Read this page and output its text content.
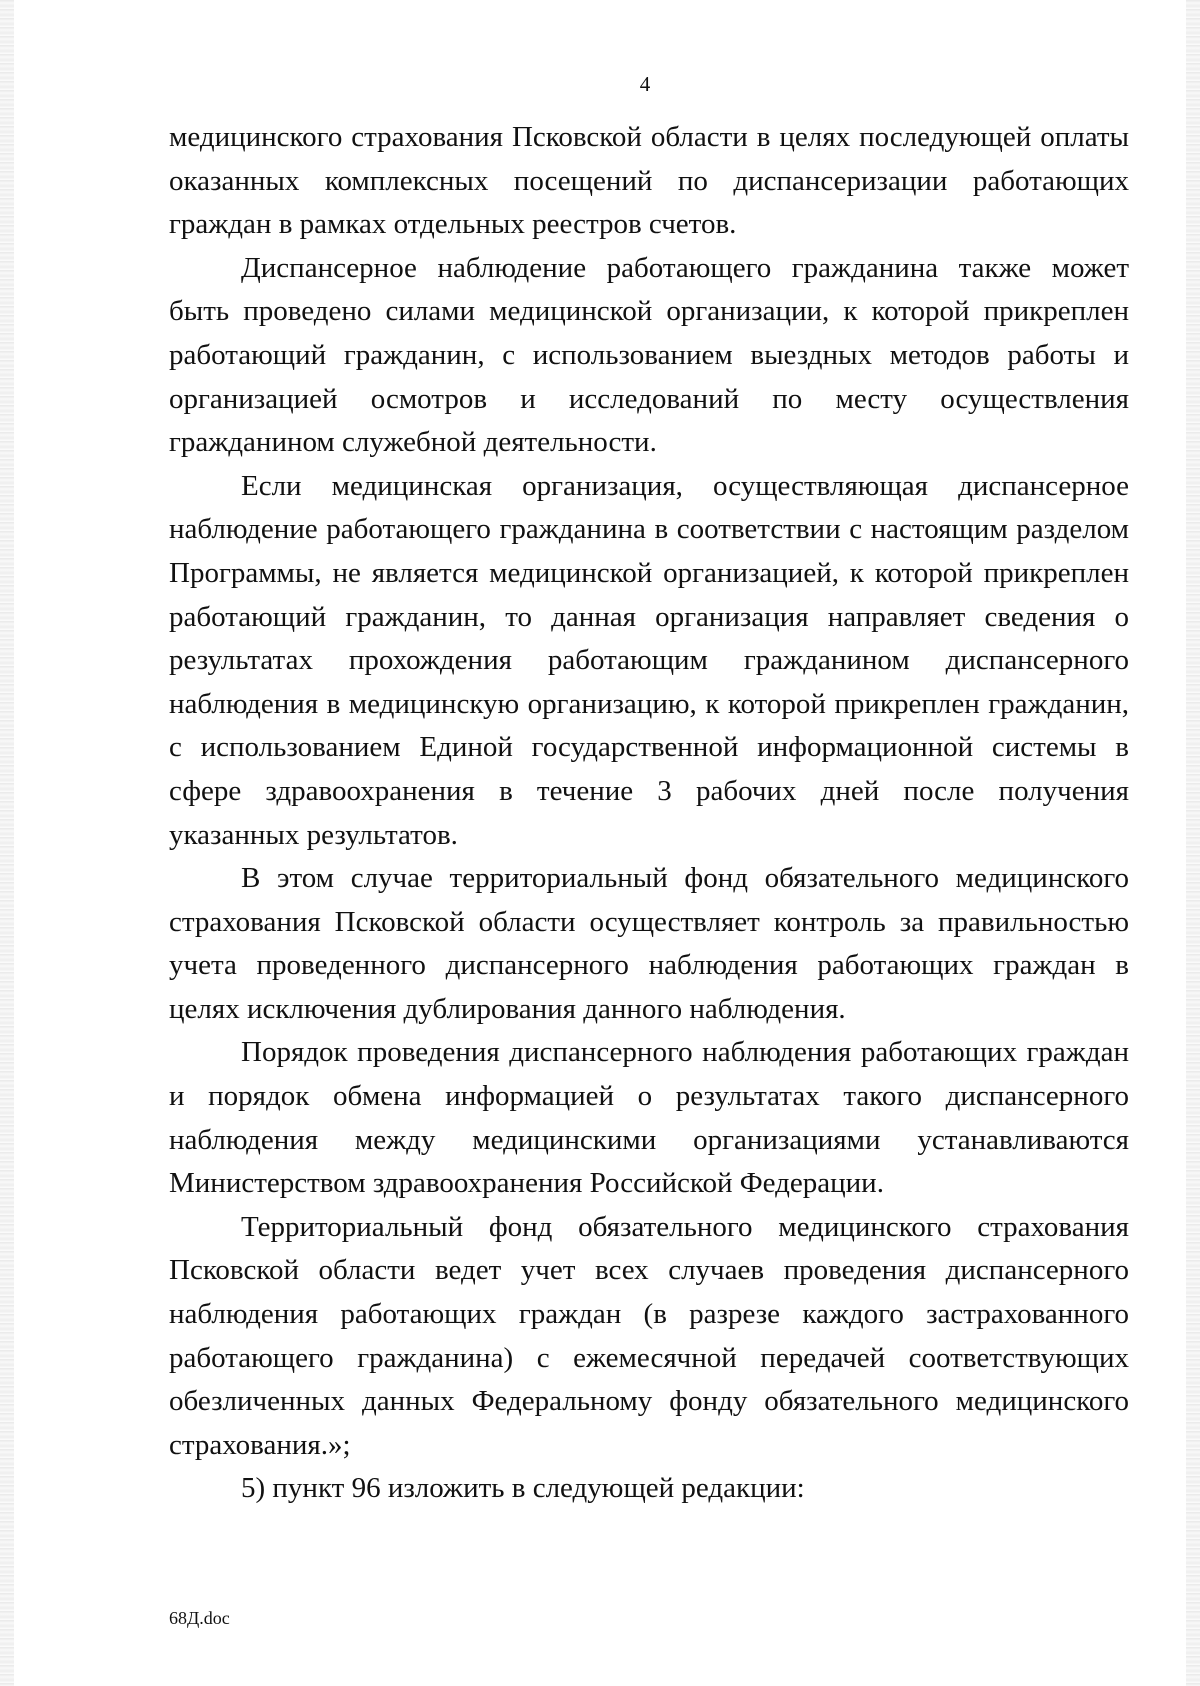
4

медицинского страхования Псковской области в целях последующей оплаты оказанных комплексных посещений по диспансеризации работающих граждан в рамках отдельных реестров счетов.

Диспансерное наблюдение работающего гражданина также может быть проведено силами медицинской организации, к которой прикреплен работающий гражданин, с использованием выездных методов работы и организацией осмотров и исследований по месту осуществления гражданином служебной деятельности.

Если медицинская организация, осуществляющая диспансерное наблюдение работающего гражданина в соответствии с настоящим разделом Программы, не является медицинской организацией, к которой прикреплен работающий гражданин, то данная организация направляет сведения о результатах прохождения работающим гражданином диспансерного наблюдения в медицинскую организацию, к которой прикреплен гражданин, с использованием Единой государственной информационной системы в сфере здравоохранения в течение 3 рабочих дней после получения указанных результатов.

В этом случае территориальный фонд обязательного медицинского страхования Псковской области осуществляет контроль за правильностью учета проведенного диспансерного наблюдения работающих граждан в целях исключения дублирования данного наблюдения.

Порядок проведения диспансерного наблюдения работающих граждан и порядок обмена информацией о результатах такого диспансерного наблюдения между медицинскими организациями устанавливаются Министерством здравоохранения Российской Федерации.

Территориальный фонд обязательного медицинского страхования Псковской области ведет учет всех случаев проведения диспансерного наблюдения работающих граждан (в разрезе каждого застрахованного работающего гражданина) с ежемесячной передачей соответствующих обезличенных данных Федеральному фонду обязательного медицинского страхования.»;

5) пункт 96 изложить в следующей редакции:

68Д.doc
